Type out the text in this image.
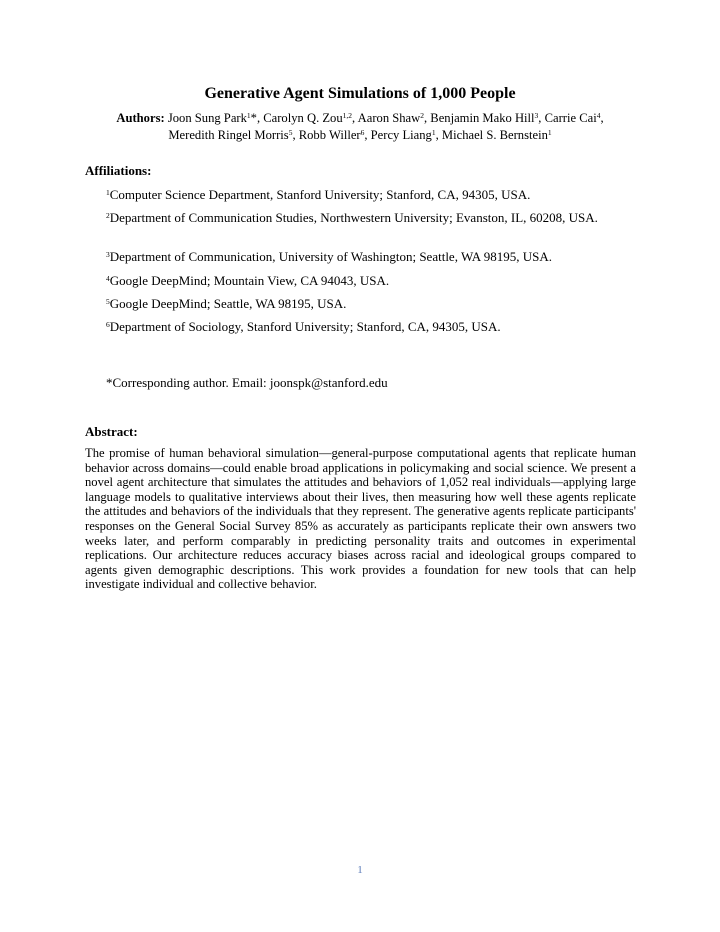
Generative Agent Simulations of 1,000 People
Authors: Joon Sung Park$^1$*, Carolyn Q. Zou$^{1,2}$, Aaron Shaw$^2$, Benjamin Mako Hill$^3$, Carrie Cai$^4$,
Meredith Ringel Morris$^5$, Robb Willer$^6$, Percy Liang$^1$, Michael S. Bernstein$^1$
Affiliations:
$^1$Computer Science Department, Stanford University; Stanford, CA, 94305, USA.
$^2$Department of Communication Studies, Northwestern University; Evanston, IL, 60208, USA.
$^3$Department of Communication, University of Washington; Seattle, WA 98195, USA.
$^4$Google DeepMind; Mountain View, CA 94043, USA.
$^5$Google DeepMind; Seattle, WA 98195, USA.
$^6$Department of Sociology, Stanford University; Stanford, CA, 94305, USA.
*Corresponding author. Email: joonspk@stanford.edu
Abstract:
The promise of human behavioral simulation—general-purpose computational agents that replicate human behavior across domains—could enable broad applications in policymaking and social science. We present a novel agent architecture that simulates the attitudes and behaviors of 1,052 real individuals—applying large language models to qualitative interviews about their lives, then measuring how well these agents replicate the attitudes and behaviors of the individuals that they represent. The generative agents replicate participants' responses on the General Social Survey 85% as accurately as participants replicate their own answers two weeks later, and perform comparably in predicting personality traits and outcomes in experimental replications. Our architecture reduces accuracy biases across racial and ideological groups compared to agents given demographic descriptions. This work provides a foundation for new tools that can help investigate individual and collective behavior.
1
